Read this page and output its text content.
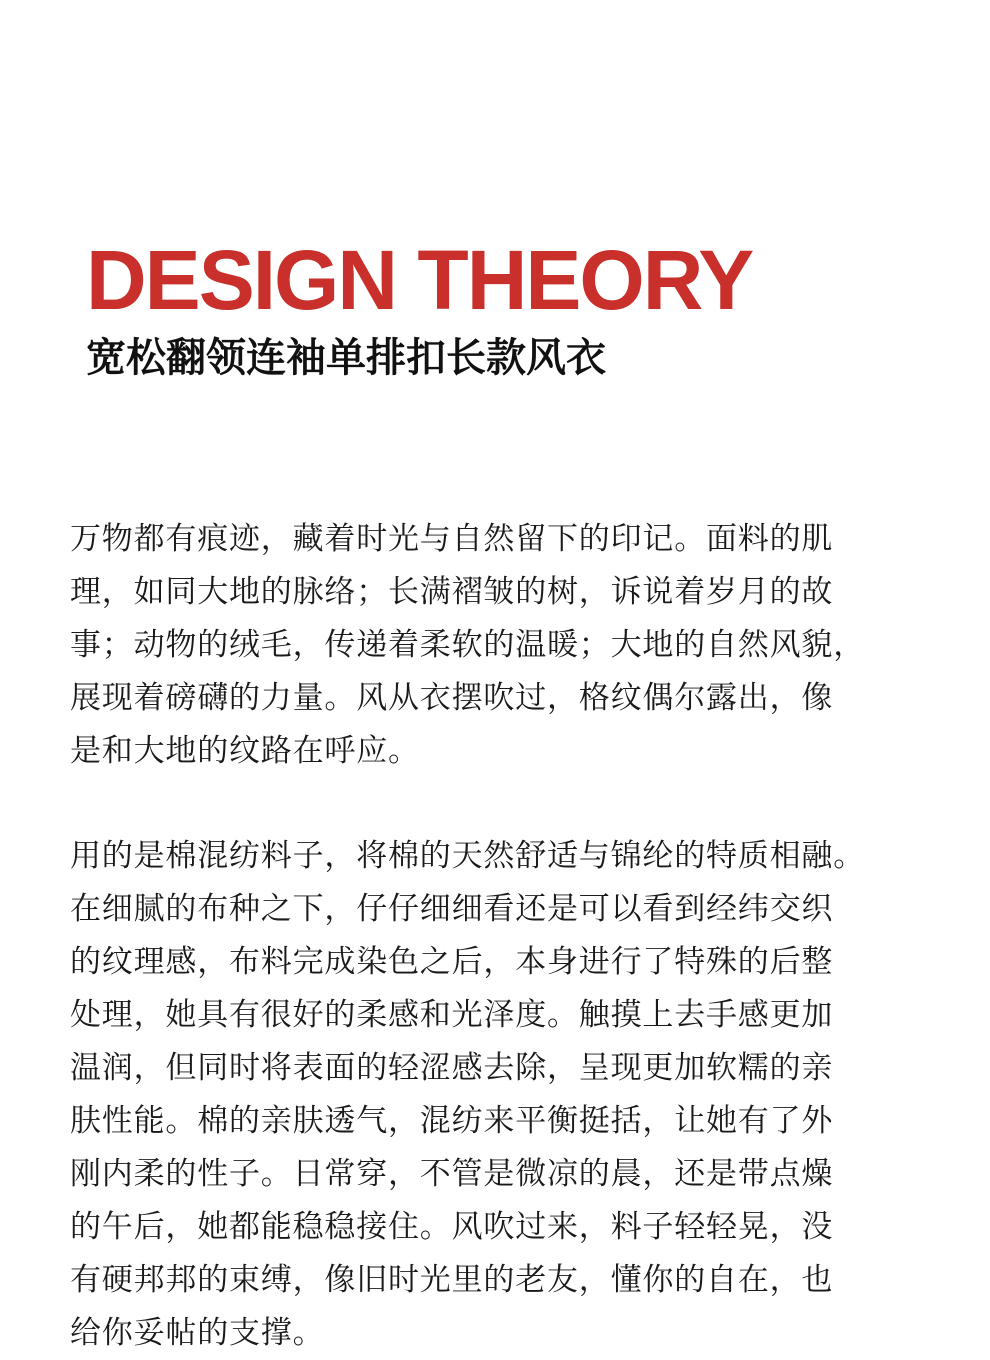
DESIGN THEORY
宽松翻领连袖单排扣长款风衣
万物都有痕迹，藏着时光与自然留下的印记。面料的肌
理，如同大地的脉络；长满褶皱的树，诉说着岁月的故
事；动物的绒毛，传递着柔软的温暖；大地的自然风貌，
展现着磅礴的力量。风从衣摆吹过，格纹偶尔露出，像
是和大地的纹路在呼应。
用的是棉混纺料子，将棉的天然舒适与锦纶的特质相融。
在细腻的布种之下，仔仔细细看还是可以看到经纬交织
的纹理感，布料完成染色之后，本身进行了特殊的后整
处理，她具有很好的柔感和光泽度。触摸上去手感更加
温润，但同时将表面的轻涩感去除，呈现更加软糯的亲
肤性能。棉的亲肤透气，混纺来平衡挺括，让她有了外
刚内柔的性子。日常穿，不管是微凉的晨，还是带点燥
的午后，她都能稳稳接住。风吹过来，料子轻轻晃，没
有硬邦邦的束缚，像旧时光里的老友，懂你的自在，也
给你妥帖的支撑。
